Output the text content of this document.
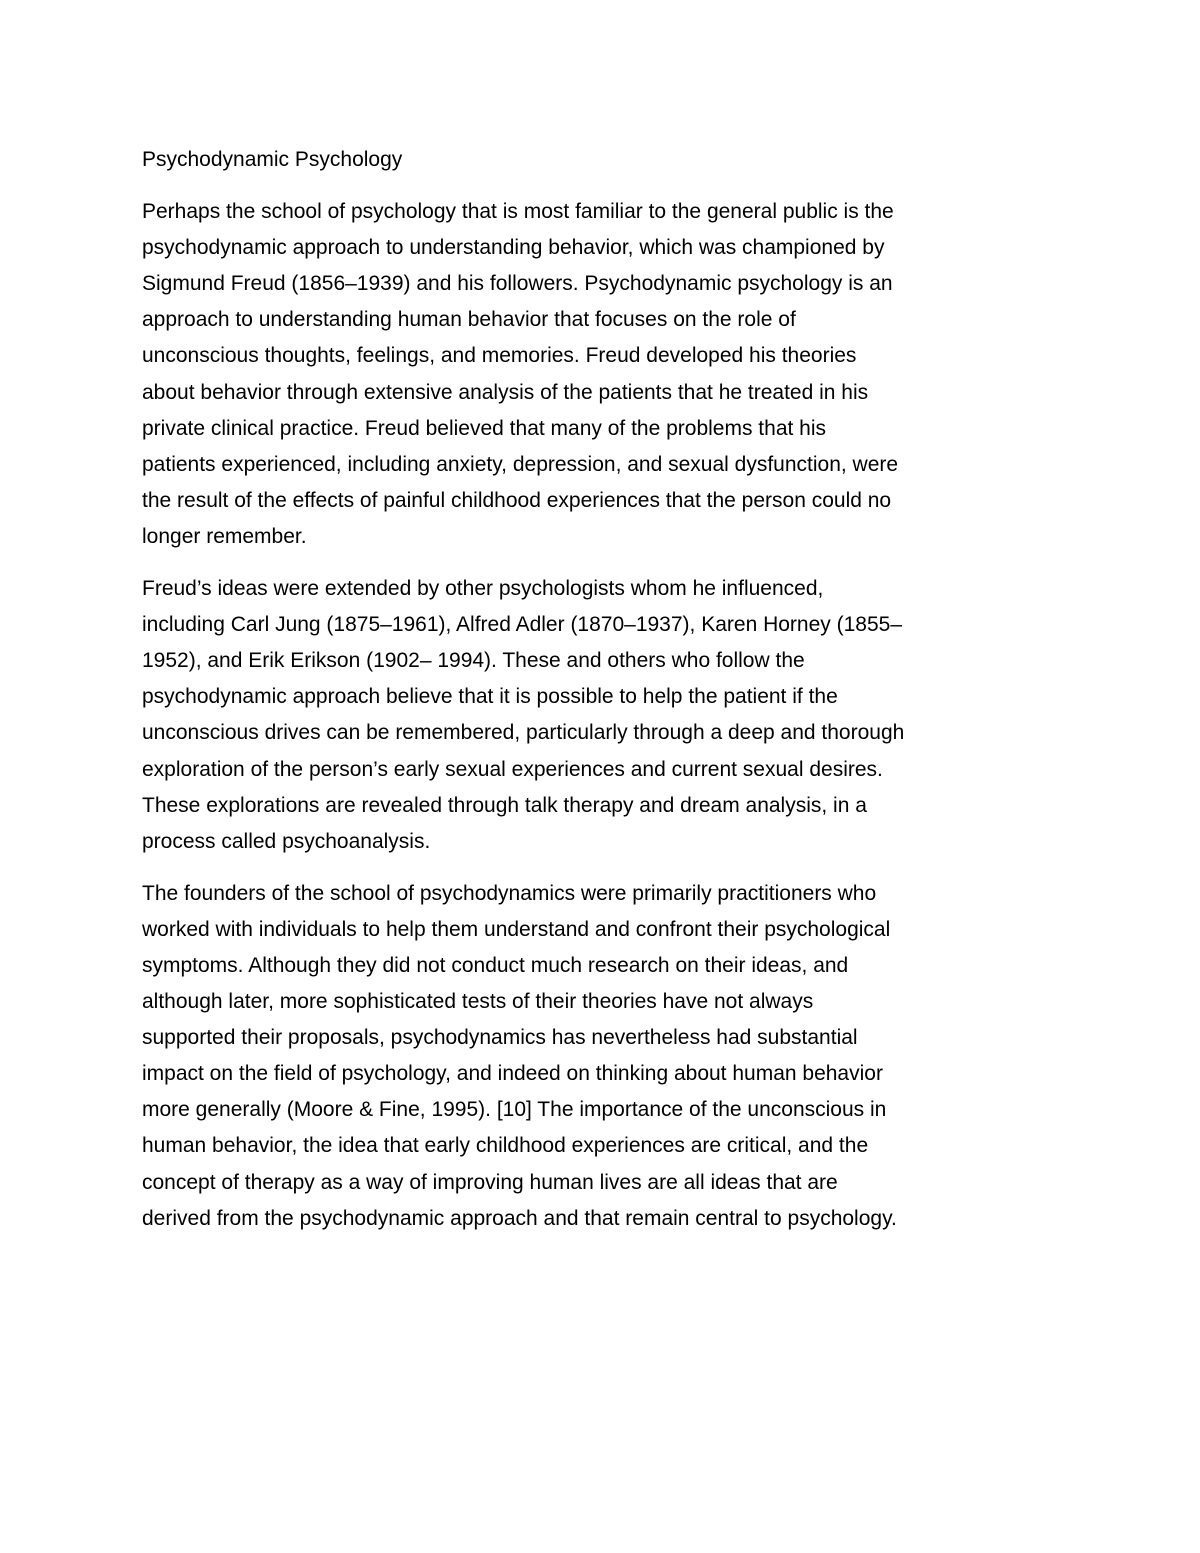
Psychodynamic Psychology
Perhaps the school of psychology that is most familiar to the general public is the
psychodynamic approach to understanding behavior, which was championed by
Sigmund Freud (1856–1939) and his followers. Psychodynamic psychology is an
approach to understanding human behavior that focuses on the role of
unconscious thoughts, feelings, and memories. Freud developed his theories
about behavior through extensive analysis of the patients that he treated in his
private clinical practice. Freud believed that many of the problems that his
patients experienced, including anxiety, depression, and sexual dysfunction, were
the result of the effects of painful childhood experiences that the person could no
longer remember.
Freud’s ideas were extended by other psychologists whom he influenced,
including Carl Jung (1875–1961), Alfred Adler (1870–1937), Karen Horney (1855–
1952), and Erik Erikson (1902– 1994). These and others who follow the
psychodynamic approach believe that it is possible to help the patient if the
unconscious drives can be remembered, particularly through a deep and thorough
exploration of the person’s early sexual experiences and current sexual desires.
These explorations are revealed through talk therapy and dream analysis, in a
process called psychoanalysis.
The founders of the school of psychodynamics were primarily practitioners who
worked with individuals to help them understand and confront their psychological
symptoms. Although they did not conduct much research on their ideas, and
although later, more sophisticated tests of their theories have not always
supported their proposals, psychodynamics has nevertheless had substantial
impact on the field of psychology, and indeed on thinking about human behavior
more generally (Moore & Fine, 1995). [10] The importance of the unconscious in
human behavior, the idea that early childhood experiences are critical, and the
concept of therapy as a way of improving human lives are all ideas that are
derived from the psychodynamic approach and that remain central to psychology.
